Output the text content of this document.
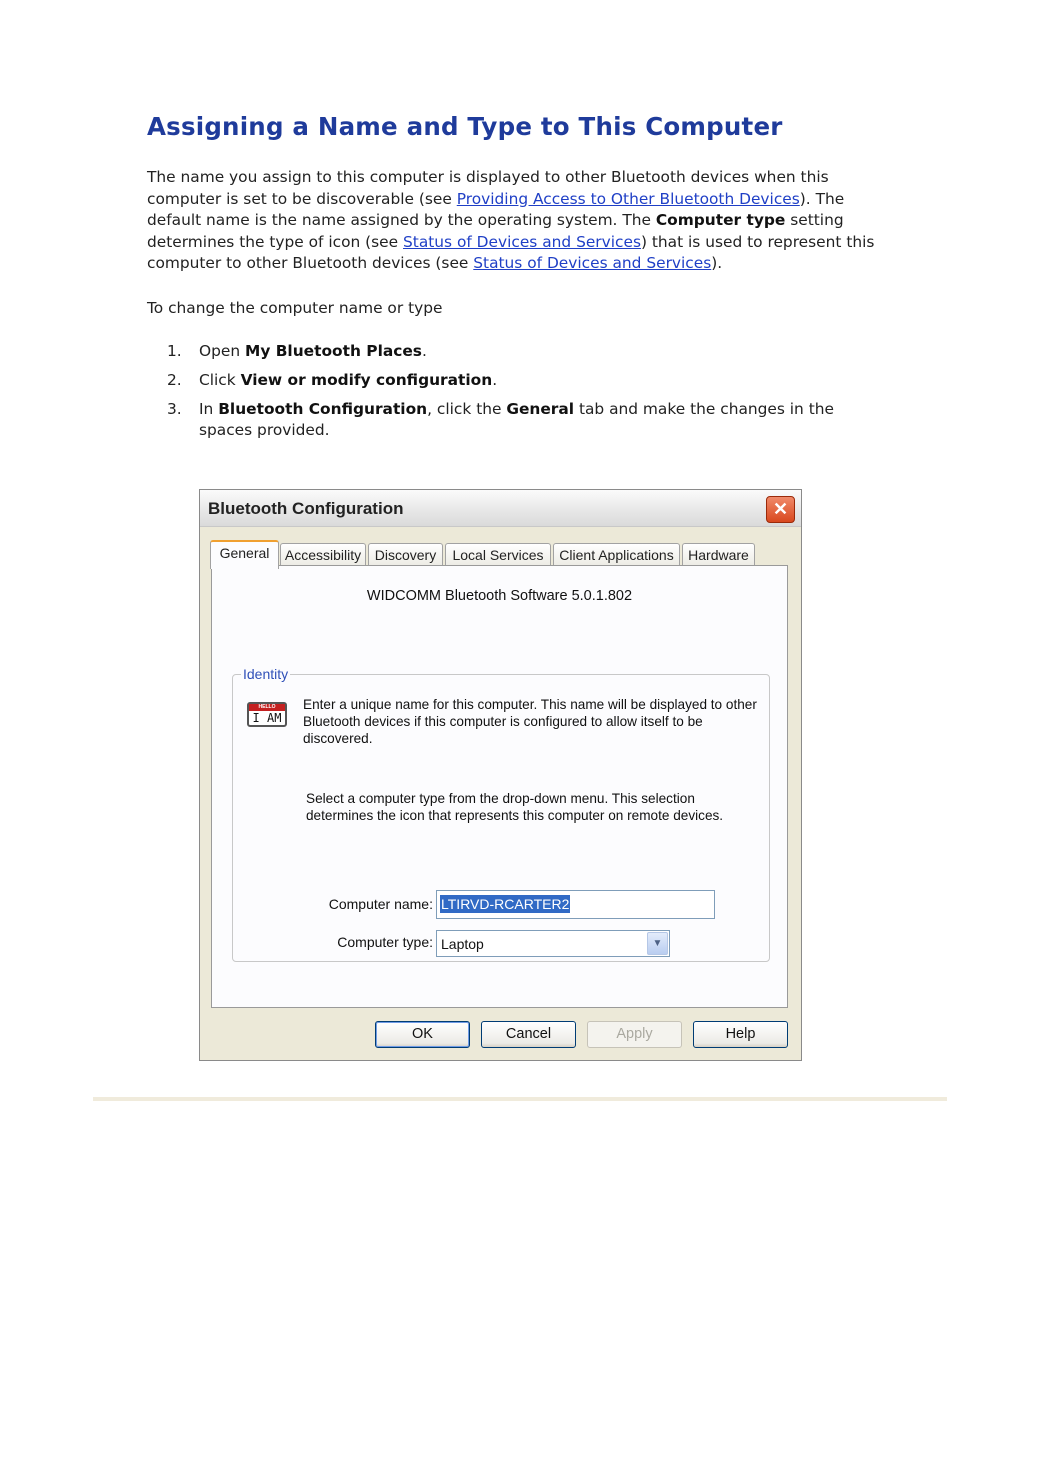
Assigning a Name and Type to This Computer

The name you assign to this computer is displayed to other Bluetooth devices when this computer is set to be discoverable (see Providing Access to Other Bluetooth Devices). The default name is the name assigned by the operating system. The Computer type setting determines the type of icon (see Status of Devices and Services) that is used to represent this computer to other Bluetooth devices (see Status of Devices and Services).

To change the computer name or type

1. Open My Bluetooth Places.
2. Click View or modify configuration.
3. In Bluetooth Configuration, click the General tab and make the changes in the spaces provided.
Bluetooth Configuration	✕
General	Accessibility Discovery	Local Services	Client Applications	Hardware
WIDCOMM Bluetooth Software 5.0.1.802
Identity
HELLO
I AM
Enter a unique name for this computer. This name will be displayed to other Bluetooth devices if this computer is configured to allow itself to be discovered.
Select a computer type from the drop-down menu. This selection determines the icon that represents this computer on remote devices.
Computer name: LTIRVD-RCARTER2
Computer type: Laptop	▼
OK	Cancel	Apply	Help
